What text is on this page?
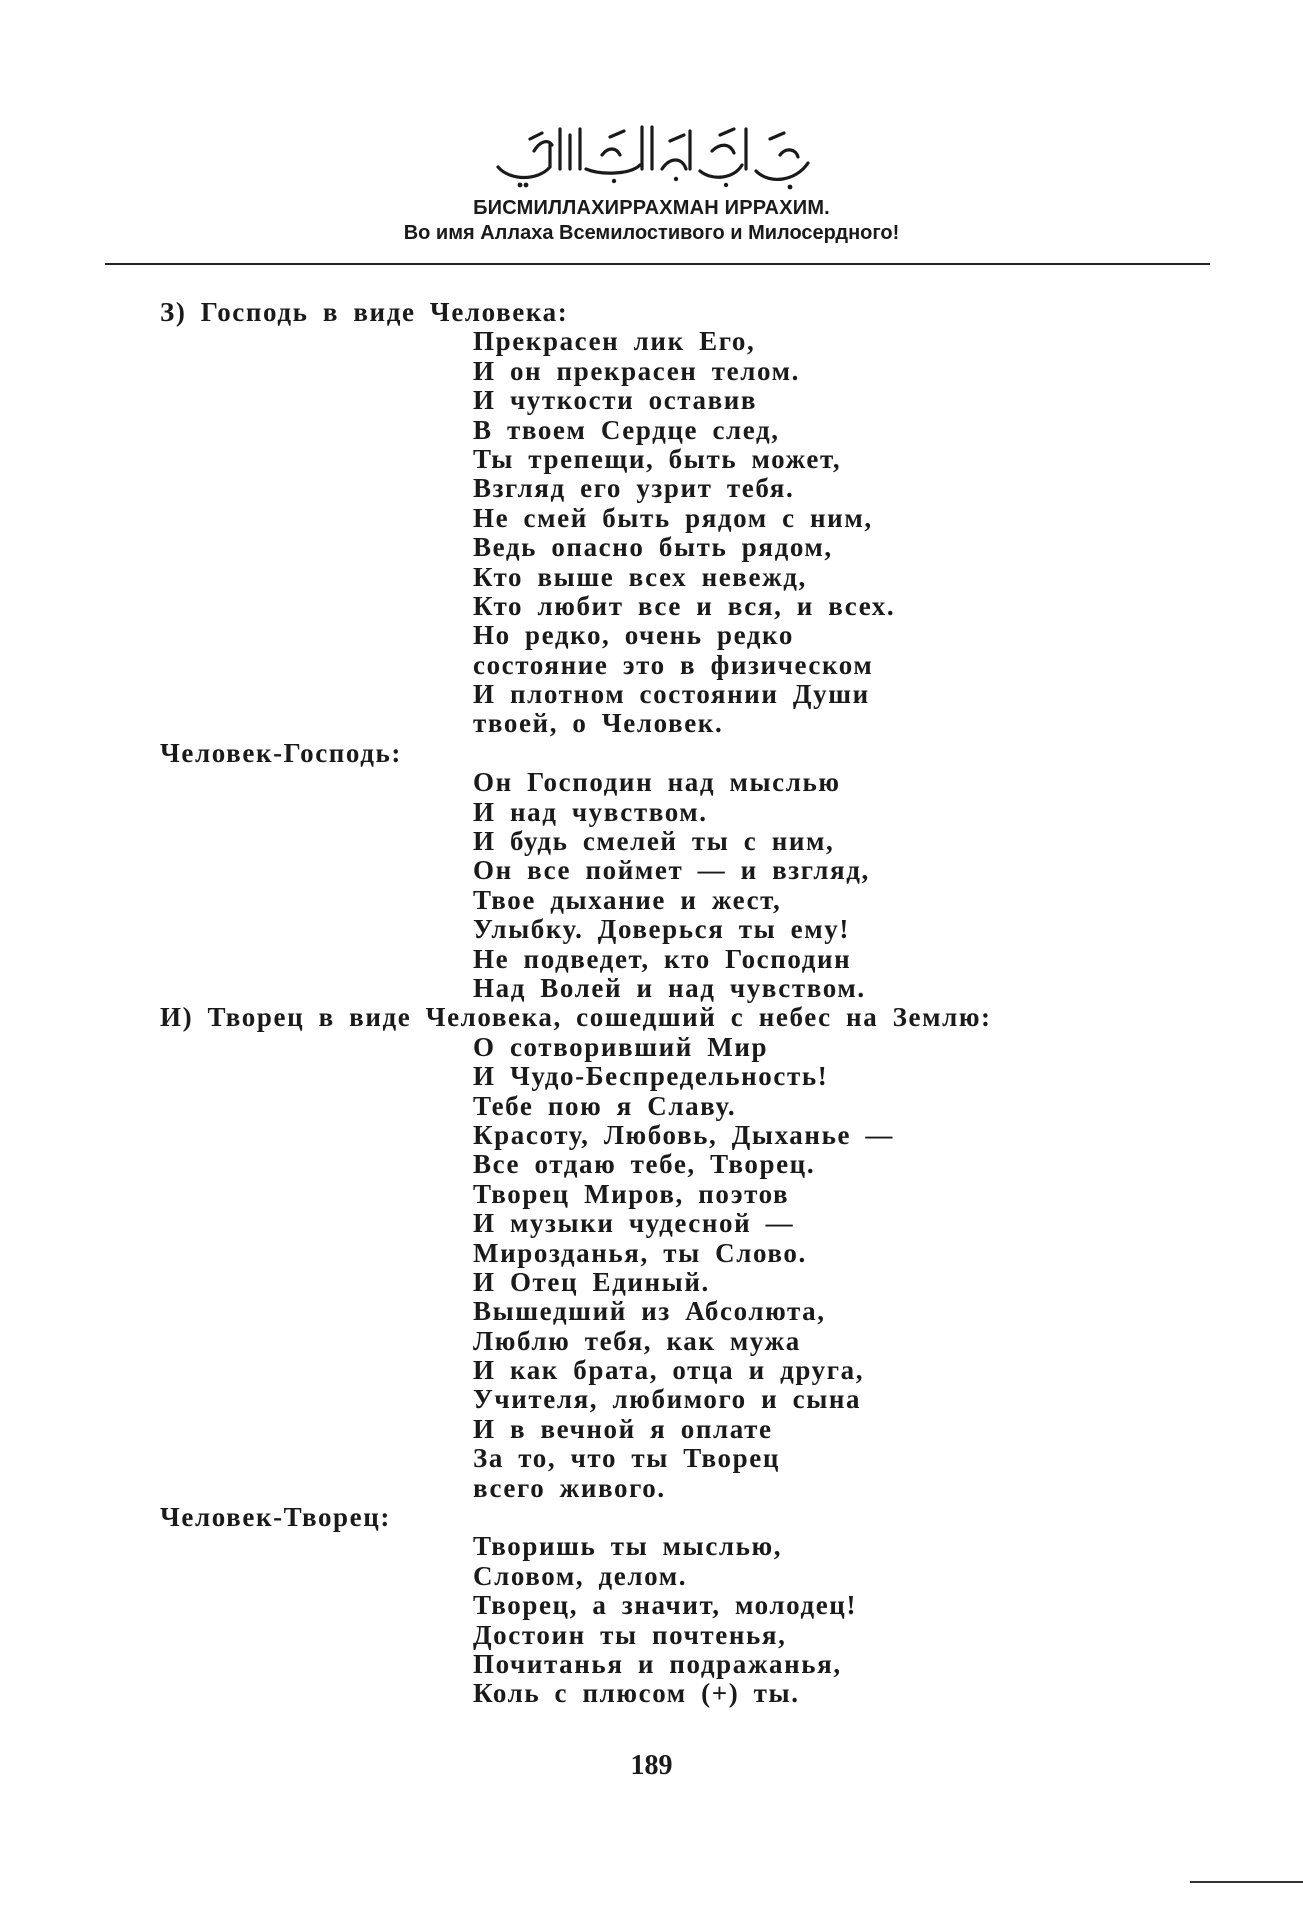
БИСМИЛЛАХИРРАХМАН ИРРАХИМ.
Во имя Аллаха Всемилостивого и Милосердного!
З) Господь в виде Человека:
Прекрасен лик Его,
И он прекрасен телом.
И чуткости оставив
В твоем Сердце след,
Ты трепещи, быть может,
Взгляд его узрит тебя.
Не смей быть рядом с ним,
Ведь опасно быть рядом,
Кто выше всех невежд,
Кто любит все и вся, и всех.
Но редко, очень редко
состояние это в физическом
И плотном состоянии Души
твоей, о Человек.
Человек-Господь:
Он Господин над мыслью
И над чувством.
И будь смелей ты с ним,
Он все поймет — и взгляд,
Твое дыхание и жест,
Улыбку. Доверься ты ему!
Не подведет, кто Господин
Над Волей и над чувством.
И) Творец в виде Человека, сошедший с небес на Землю:
О сотворивший Мир
И Чудо-Беспредельность!
Тебе пою я Славу.
Красоту, Любовь, Дыханье —
Все отдаю тебе, Творец.
Творец Миров, поэтов
И музыки чудесной —
Мирозданья, ты Слово.
И Отец Единый.
Вышедший из Абсолюта,
Люблю тебя, как мужа
И как брата, отца и друга,
Учителя, любимого и сына
И в вечной я оплате
За то, что ты Творец
всего живого.
Человек-Творец:
Творишь ты мыслью,
Словом, делом.
Творец, а значит, молодец!
Достоин ты почтенья,
Почитанья и подражанья,
Коль с плюсом (+) ты.
189
